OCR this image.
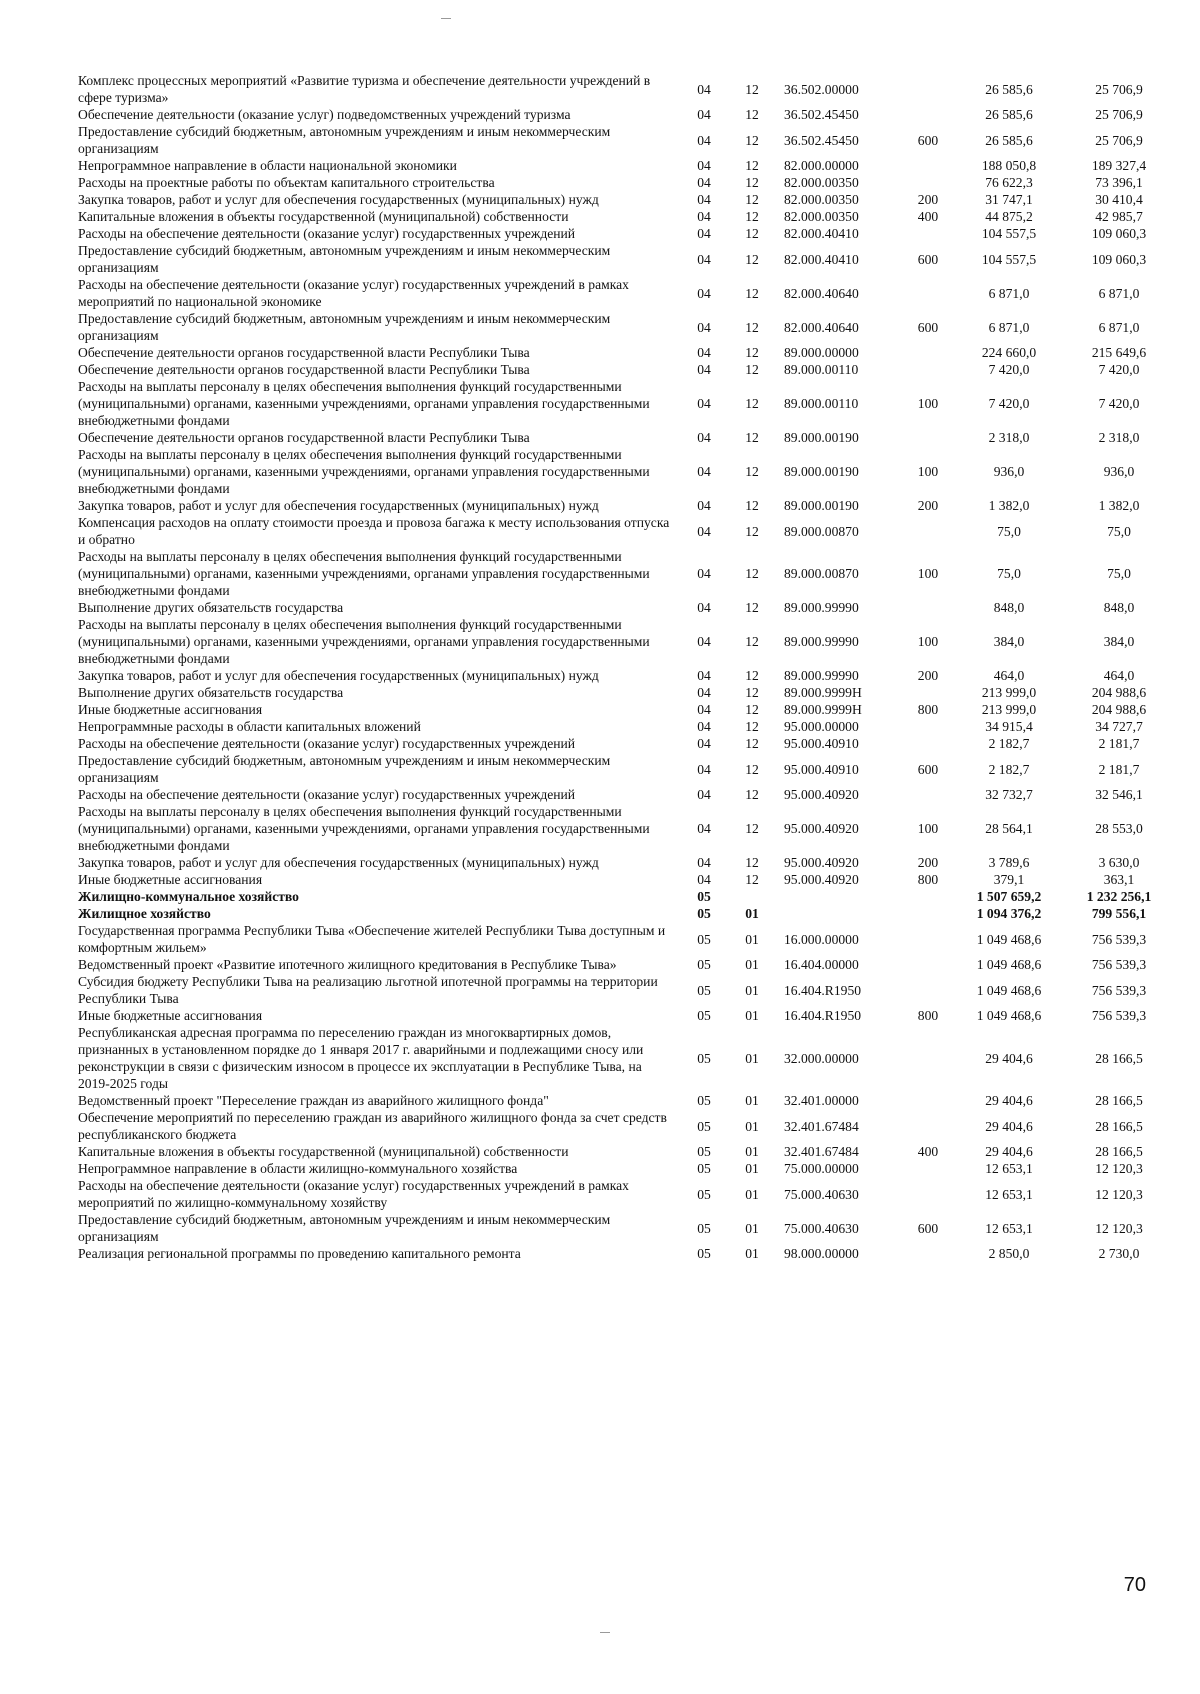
Комплекс процессных мероприятий «Развитие туризма и обеспечение деятельности учреждений в сфере туризма»	04	12	36.502.00000		26 585,6	25 706,9
Обеспечение деятельности (оказание услуг) подведомственных учреждений туризма	04	12	36.502.45450		26 585,6	25 706,9
Предоставление субсидий бюджетным, автономным учреждениям и иным некоммерческим организациям	04	12	36.502.45450	600	26 585,6	25 706,9
Непрограммное направление в области национальной экономики	04	12	82.000.00000		188 050,8	189 327,4
Расходы на проектные работы по объектам капитального строительства	04	12	82.000.00350		76 622,3	73 396,1
Закупка товаров, работ и услуг для обеспечения государственных (муниципальных) нужд	04	12	82.000.00350	200	31 747,1	30 410,4
Капитальные вложения в объекты государственной (муниципальной) собственности	04	12	82.000.00350	400	44 875,2	42 985,7
Расходы на обеспечение деятельности (оказание услуг) государственных учреждений	04	12	82.000.40410		104 557,5	109 060,3
Предоставление субсидий бюджетным, автономным учреждениям и иным некоммерческим организациям	04	12	82.000.40410	600	104 557,5	109 060,3
Расходы на обеспечение деятельности (оказание услуг) государственных учреждений в рамках мероприятий по национальной экономике	04	12	82.000.40640		6 871,0	6 871,0
Предоставление субсидий бюджетным, автономным учреждениям и иным некоммерческим организациям	04	12	82.000.40640	600	6 871,0	6 871,0
Обеспечение деятельности органов государственной власти Республики Тыва	04	12	89.000.00000		224 660,0	215 649,6
Обеспечение деятельности органов государственной власти Республики Тыва	04	12	89.000.00110		7 420,0	7 420,0
Расходы на выплаты персоналу в целях обеспечения выполнения функций государственными (муниципальными) органами, казенными учреждениями, органами управления государственными внебюджетными фондами	04	12	89.000.00110	100	7 420,0	7 420,0
Обеспечение деятельности органов государственной власти Республики Тыва	04	12	89.000.00190		2 318,0	2 318,0
Расходы на выплаты персоналу в целях обеспечения выполнения функций государственными (муниципальными) органами, казенными учреждениями, органами управления государственными внебюджетными фондами	04	12	89.000.00190	100	936,0	936,0
Закупка товаров, работ и услуг для обеспечения государственных (муниципальных) нужд	04	12	89.000.00190	200	1 382,0	1 382,0
Компенсация расходов на оплату стоимости проезда и провоза багажа к месту использования отпуска и обратно	04	12	89.000.00870		75,0	75,0
Расходы на выплаты персоналу в целях обеспечения выполнения функций государственными (муниципальными) органами, казенными учреждениями, органами управления государственными внебюджетными фондами	04	12	89.000.00870	100	75,0	75,0
Выполнение других обязательств государства	04	12	89.000.99990		848,0	848,0
Расходы на выплаты персоналу в целях обеспечения выполнения функций государственными (муниципальными) органами, казенными учреждениями, органами управления государственными внебюджетными фондами	04	12	89.000.99990	100	384,0	384,0
Закупка товаров, работ и услуг для обеспечения государственных (муниципальных) нужд	04	12	89.000.99990	200	464,0	464,0
Выполнение других обязательств государства	04	12	89.000.9999Н		213 999,0	204 988,6
Иные бюджетные ассигнования	04	12	89.000.9999Н	800	213 999,0	204 988,6
Непрограммные расходы в области капитальных вложений	04	12	95.000.00000		34 915,4	34 727,7
Расходы на обеспечение деятельности (оказание услуг) государственных учреждений	04	12	95.000.40910		2 182,7	2 181,7
Предоставление субсидий бюджетным, автономным учреждениям и иным некоммерческим организациям	04	12	95.000.40910	600	2 182,7	2 181,7
Расходы на обеспечение деятельности (оказание услуг) государственных учреждений	04	12	95.000.40920		32 732,7	32 546,1
Расходы на выплаты персоналу в целях обеспечения выполнения функций государственными (муниципальными) органами, казенными учреждениями, органами управления государственными внебюджетными фондами	04	12	95.000.40920	100	28 564,1	28 553,0
Закупка товаров, работ и услуг для обеспечения государственных (муниципальных) нужд	04	12	95.000.40920	200	3 789,6	3 630,0
Иные бюджетные ассигнования	04	12	95.000.40920	800	379,1	363,1
Жилищно-коммунальное хозяйство	05				1 507 659,2	1 232 256,1
Жилищное хозяйство	05	01			1 094 376,2	799 556,1
Государственная программа Республики Тыва «Обеспечение жителей Республики Тыва доступным и комфортным жильем»	05	01	16.000.00000		1 049 468,6	756 539,3
Ведомственный проект «Развитие ипотечного жилищного кредитования в Республике Тыва»	05	01	16.404.00000		1 049 468,6	756 539,3
Субсидия бюджету Республики Тыва на реализацию льготной ипотечной программы на территории Республики Тыва	05	01	16.404.R1950		1 049 468,6	756 539,3
Иные бюджетные ассигнования	05	01	16.404.R1950	800	1 049 468,6	756 539,3
Республиканская адресная программа по переселению граждан из многоквартирных домов, признанных в установленном порядке до 1 января 2017 г. аварийными и подлежащими сносу или реконструкции в связи с физическим износом в процессе их эксплуатации в Республике Тыва, на 2019-2025 годы	05	01	32.000.00000		29 404,6	28 166,5
Ведомственный проект "Переселение граждан из аварийного жилищного фонда"	05	01	32.401.00000		29 404,6	28 166,5
Обеспечение мероприятий по переселению граждан из аварийного жилищного фонда за счет средств республиканского бюджета	05	01	32.401.67484		29 404,6	28 166,5
Капитальные вложения в объекты государственной (муниципальной) собственности	05	01	32.401.67484	400	29 404,6	28 166,5
Непрограммное направление в области жилищно-коммунального хозяйства	05	01	75.000.00000		12 653,1	12 120,3
Расходы на обеспечение деятельности (оказание услуг) государственных учреждений в рамках мероприятий по жилищно-коммунальному хозяйству	05	01	75.000.40630		12 653,1	12 120,3
Предоставление субсидий бюджетным, автономным учреждениям и иным некоммерческим организациям	05	01	75.000.40630	600	12 653,1	12 120,3
Реализация региональной программы по проведению капитального ремонта	05	01	98.000.00000		2 850,0	2 730,0
70
